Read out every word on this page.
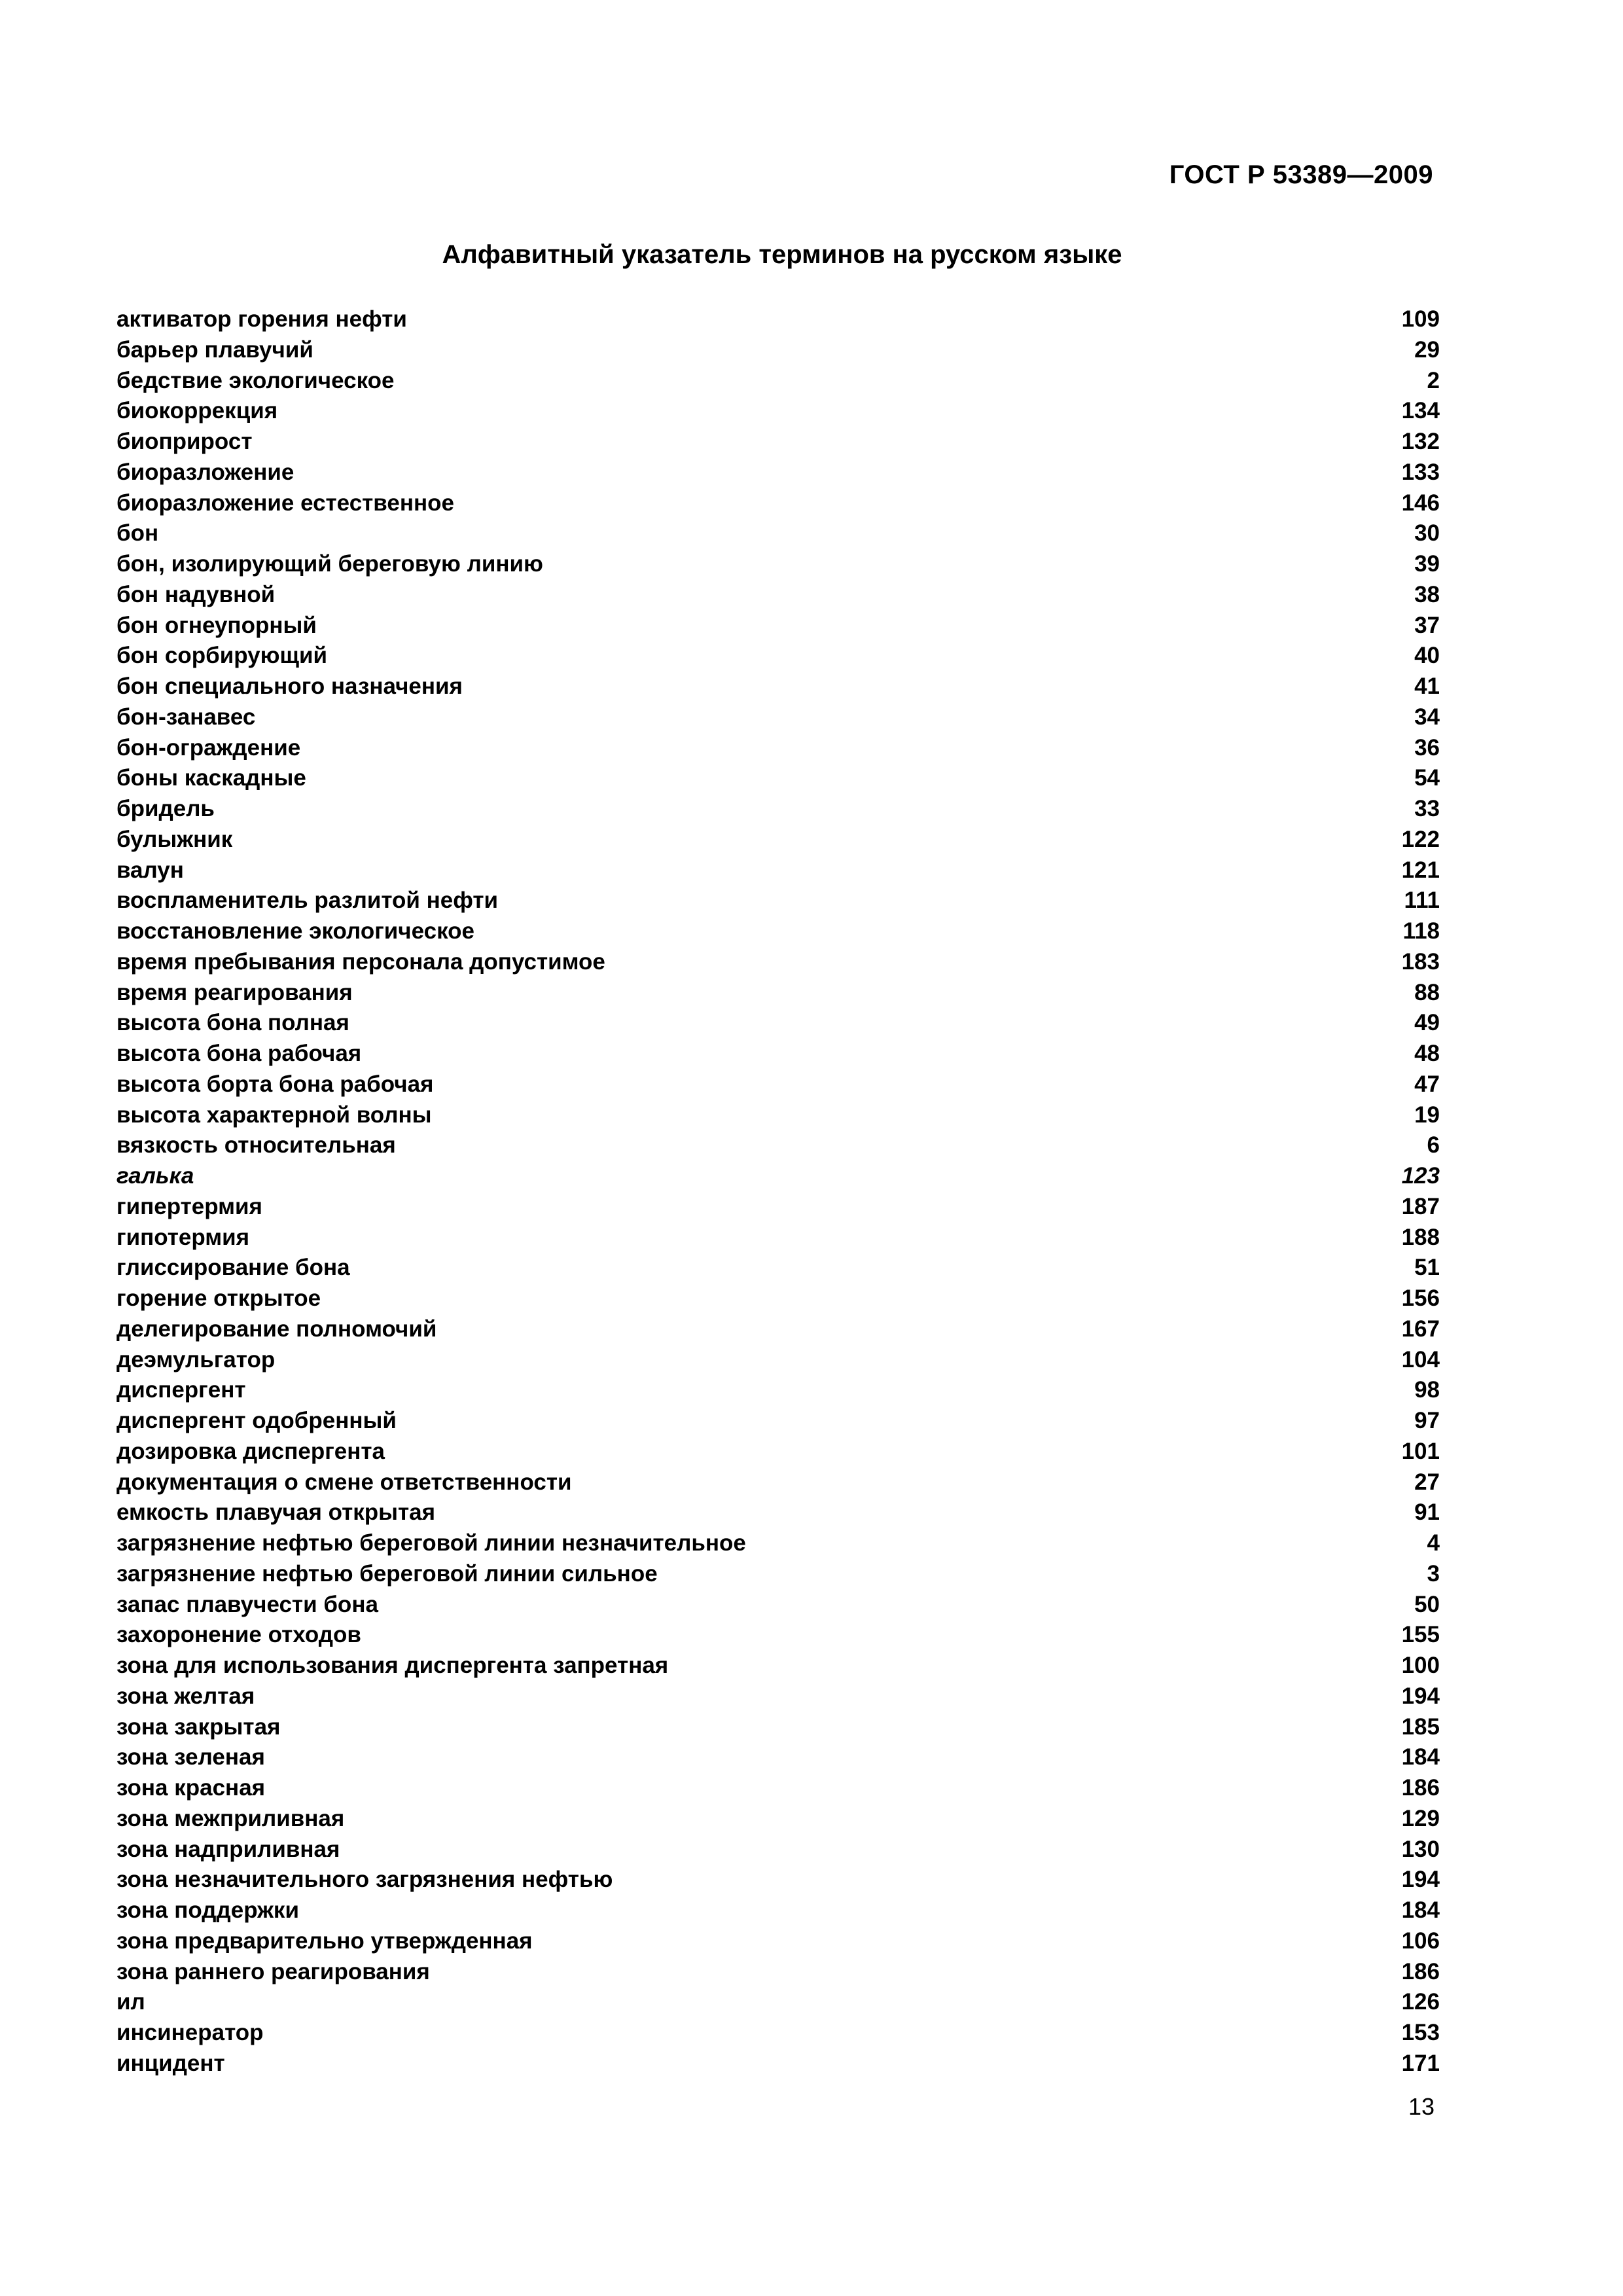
ГОСТ Р 53389—2009
Алфавитный указатель терминов на русском языке
активатор горения нефти	109
барьер плавучий	29
бедствие экологическое	2
биокоррекция	134
биоприрост	132
биоразложение	133
биоразложение естественное	146
бон	30
бон, изолирующий береговую линию	39
бон надувной	38
бон огнеупорный	37
бон сорбирующий	40
бон специального назначения	41
бон-занавес	34
бон-ограждение	36
боны каскадные	54
бридель	33
булыжник	122
валун	121
воспламенитель разлитой нефти	111
восстановление экологическое	118
время пребывания персонала допустимое	183
время реагирования	88
высота бона полная	49
высота бона рабочая	48
высота борта бона рабочая	47
высота характерной волны	19
вязкость относительная	6
галька	123
гипертермия	187
гипотермия	188
глиссирование бона	51
горение открытое	156
делегирование полномочий	167
деэмульгатор	104
диспергент	98
диспергент одобренный	97
дозировка диспергента	101
документация о смене ответственности	27
емкость плавучая открытая	91
загрязнение нефтью береговой линии незначительное	4
загрязнение нефтью береговой линии сильное	3
запас плавучести бона	50
захоронение отходов	155
зона для использования диспергента запретная	100
зона желтая	194
зона закрытая	185
зона зеленая	184
зона красная	186
зона межприливная	129
зона надприливная	130
зона незначительного загрязнения нефтью	194
зона поддержки	184
зона предварительно утвержденная	106
зона раннего реагирования	186
ил	126
инсинератор	153
инцидент	171
13
